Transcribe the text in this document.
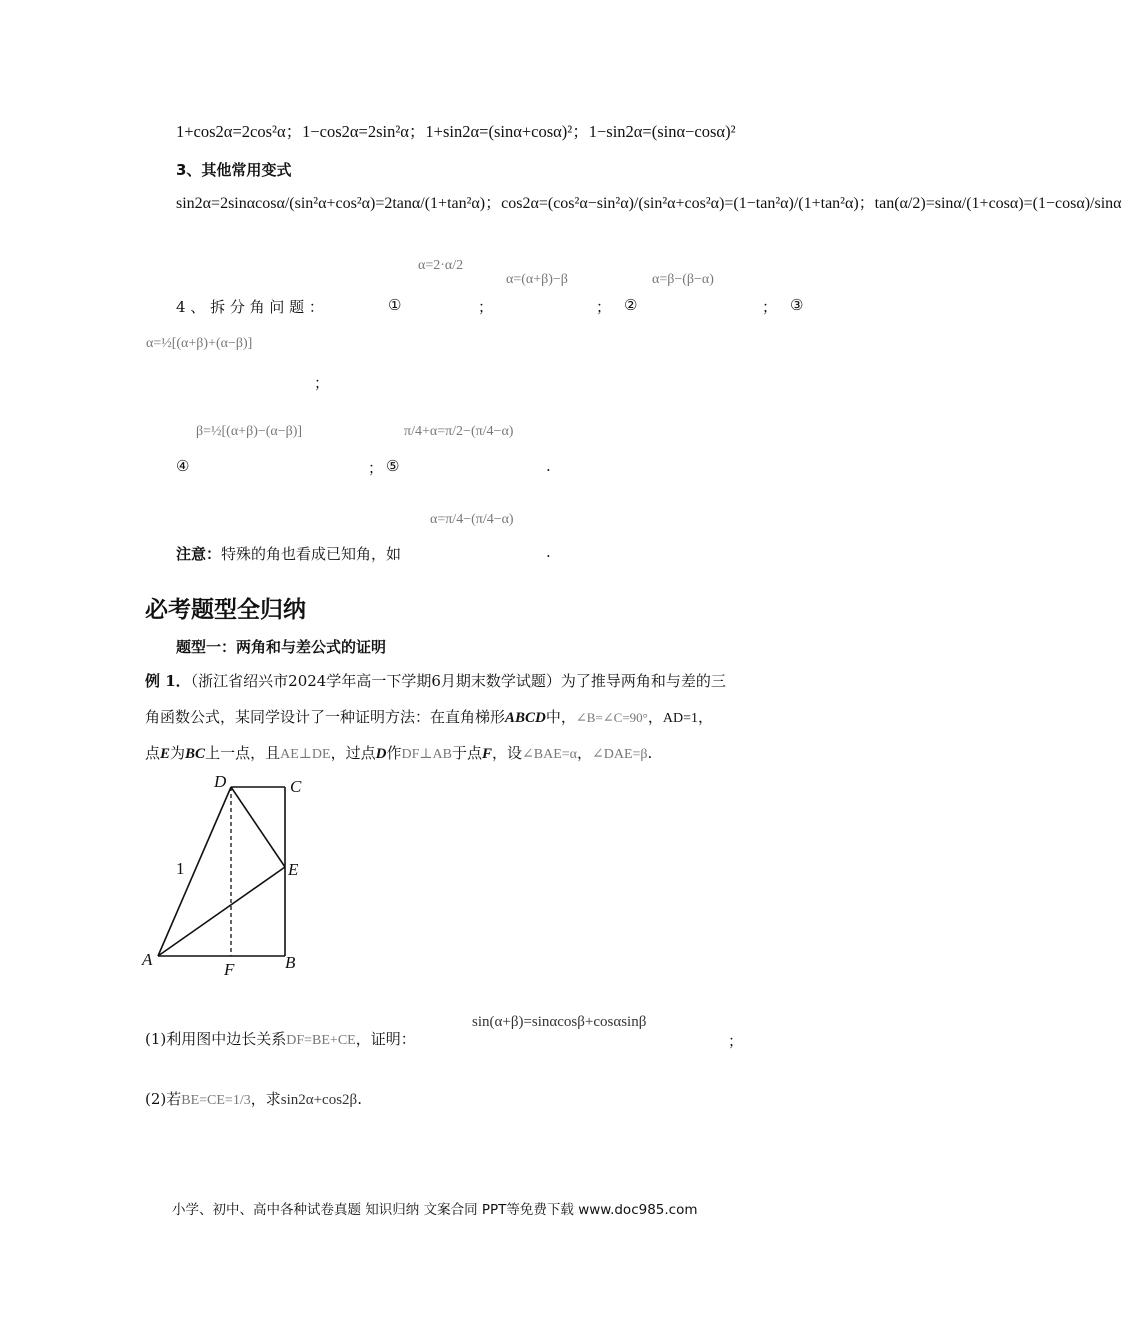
1+cos2α=2cos²α；1−cos2α=2sin²α；1+sin2α=(sinα+cosα)²；1−sin2α=(sinα−cosα)²
3、其他常用变式
sin2α=2sinαcosα/(sin²α+cos²α)=2tanα/(1+tan²α)；cos2α=(cos²α−sin²α)/(sin²α+cos²α)=(1−tan²α)/(1+tan²α)；tan(α/2)=sinα/(1+cosα)=(1−cosα)/sinα
α=2·α/2
α=(α+β)−β	α=β−(β−α)
4 、 拆 分 角 问 题 ：	①	；	； ②	； ③
α=½[(α+β)+(α−β)]
；
β=½[(α+β)−(α−β)]	π/4+α=π/2−(π/4−α)
④	； ⑤	.
α=π/4−(π/4−α)
注意：特殊的角也看成已知角，如	.
必考题型全归纳
题型一：两角和与差公式的证明
例 1．（浙江省绍兴市2024学年高一下学期6月期末数学试题）为了推导两角和与差的三
角函数公式，某同学设计了一种证明方法：在直角梯形ABCD中，∠B=∠C=90°，AD=1，
点E为BC上一点，且AE⊥DE，过点D作DF⊥AB于点F，设∠BAE=α，∠DAE=β.
D	C
E
A
F	B
1
(1)利用图中边长关系DF=BE+CE，证明：
sin(α+β)=sinαcosβ+cosαsinβ
；
(2)若BE=CE=1/3，求sin2α+cos2β.
小学、初中、高中各种试卷真题 知识归纳 文案合同 PPT等免费下载 www.doc985.com
